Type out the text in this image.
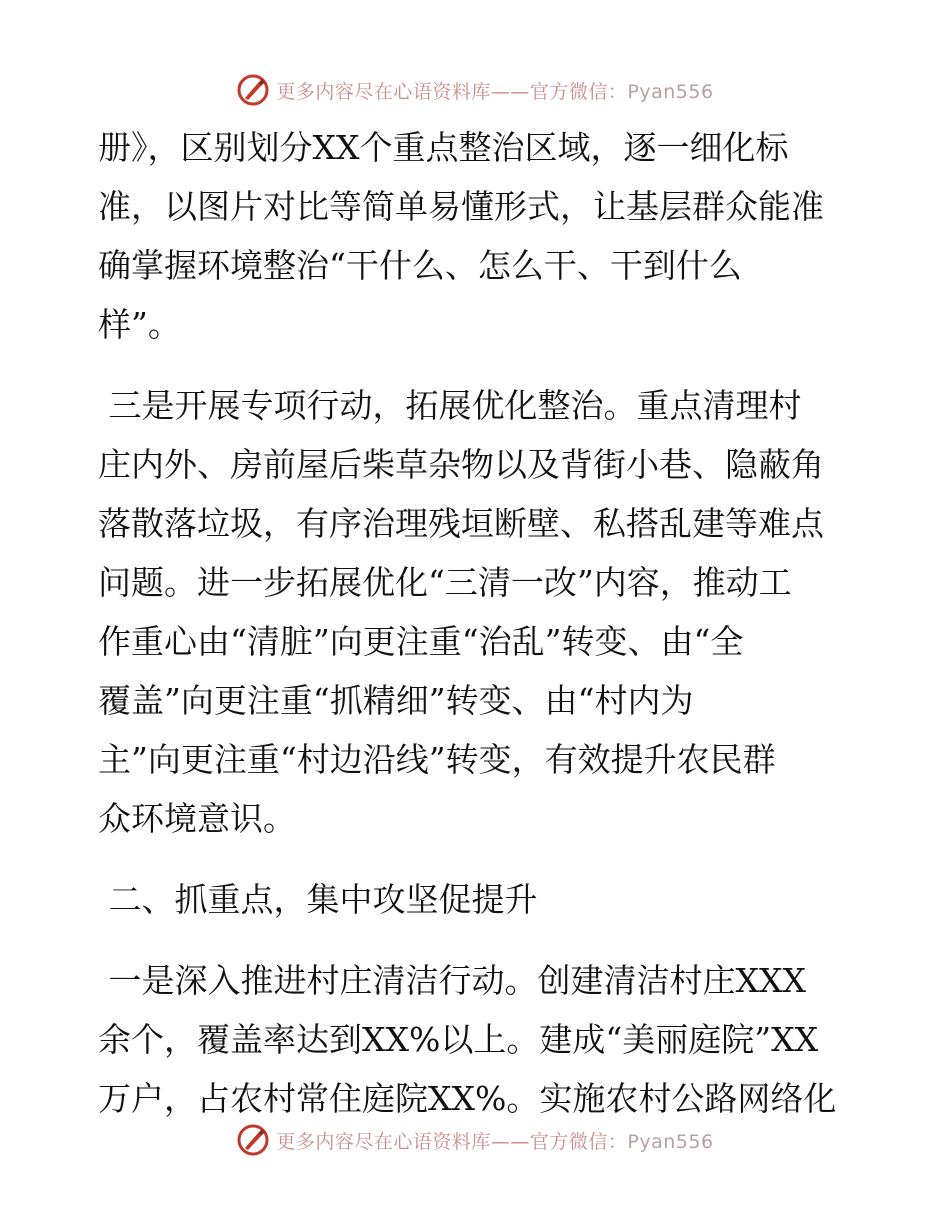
更多内容尽在心语资料库——官方微信：Pyan556

册》，区别划分XX个重点整治区域，逐一细化标

准，以图片对比等简单易懂形式，让基层群众能准

确掌握环境整治“干什么、怎么干、干到什么

样”。

三是开展专项行动，拓展优化整治。重点清理村

庄内外、房前屋后柴草杂物以及背街小巷、隐蔽角

落散落垃圾，有序治理残垣断壁、私搭乱建等难点

问题。进一步拓展优化“三清一改”内容，推动工

作重心由“清脏”向更注重“治乱”转变、由“全

覆盖”向更注重“抓精细”转变、由“村内为

主”向更注重“村边沿线”转变，有效提升农民群

众环境意识。

二、抓重点，集中攻坚促提升

一是深入推进村庄清洁行动。创建清洁村庄XXX

余个，覆盖率达到XX%以上。建成“美丽庭院”XX

万户，占农村常住庭院XX%。实施农村公路网络化

更多内容尽在心语资料库——官方微信：Pyan556
